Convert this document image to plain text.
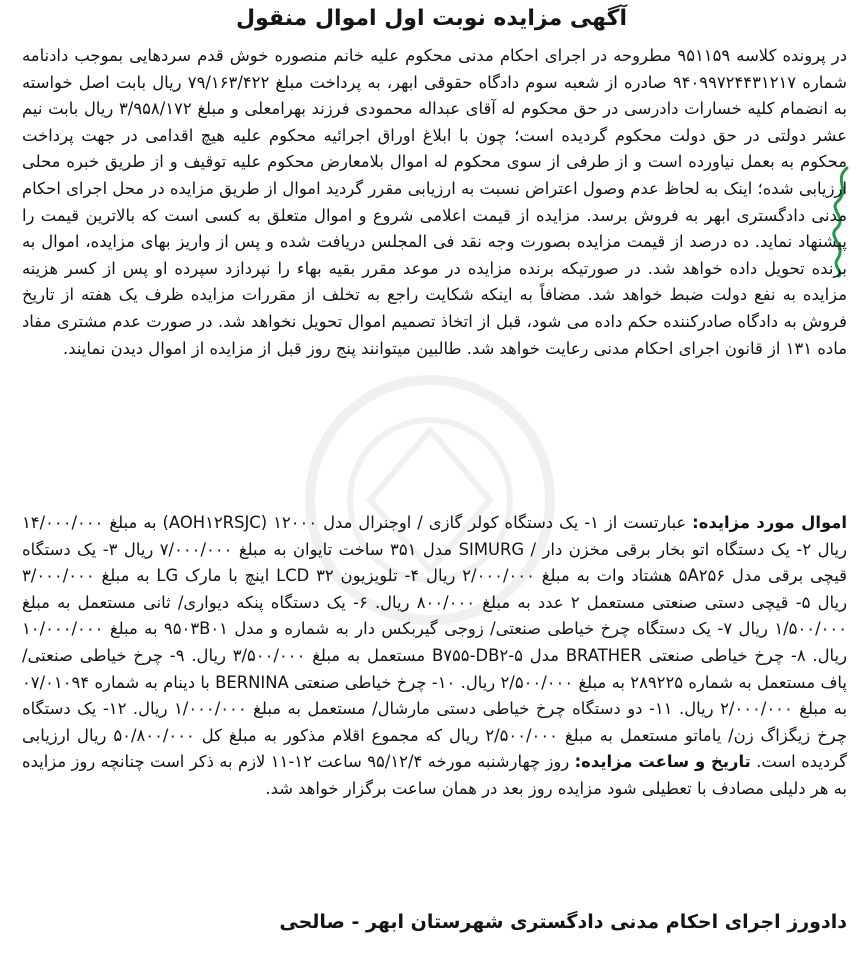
آگهی مزایده نوبت اول اموال منقول
در پرونده کلاسه ۹۵۱۱۵۹ مطروحه در اجرای احکام مدنی محکوم علیه خانم منصوره خوش قدم سردهایی بموجب دادنامه شماره ۹۴۰۹۹۷۲۴۴۳۱۲۱۷ صادره از شعبه سوم دادگاه حقوقی ابهر، به پرداخت مبلغ ۷۹/۱۶۳/۴۲۲ ریال بابت اصل خواسته به انضمام کلیه خسارات دادرسی در حق محکوم له آقای عبداله محمودی فرزند بهرامعلی و مبلغ ۳/۹۵۸/۱۷۲ ریال بابت نیم عشر دولتی در حق دولت محکوم گردیده است؛ چون با ابلاغ اوراق اجرائیه محکوم علیه هیچ اقدامی در جهت پرداخت محکوم به بعمل نیاورده است و از طرفی از سوی محکوم له اموال بلامعارض محکوم علیه توقیف و از طریق خبره محلی ارزیابی شده؛ اینک به لحاظ عدم وصول اعتراض نسبت به ارزیابی مقرر گردید اموال از طریق مزایده در محل اجرای احکام مدنی دادگستری ابهر به فروش برسد. مزایده از قیمت اعلامی شروع و اموال متعلق به کسی است که بالاترین قیمت را پیشنهاد نماید. ده درصد از قیمت مزایده بصورت وجه نقد فی المجلس دریافت شده و پس از واریز بهای مزایده، اموال به برنده تحویل داده خواهد شد. در صورتیکه برنده مزایده در موعد مقرر بقیه بهاء را نپردازد سپرده او پس از کسر هزینه مزایده به نفع دولت ضبط خواهد شد. مضافاً به اینکه شکایت راجع به تخلف از مقررات مزایده ظرف یک هفته از تاریخ فروش به دادگاه صادرکننده حکم داده می شود، قبل از اتخاذ تصمیم اموال تحویل نخواهد شد. در صورت عدم مشتری مفاد ماده ۱۳۱ از قانون اجرای احکام مدنی رعایت خواهد شد. طالبین میتوانند پنج روز قبل از مزایده از اموال دیدن نمایند.
اموال مورد مزایده: عبارتست از ۱- یک دستگاه کولر گازی / اوجنرال مدل ۱۲۰۰۰ (AOH۱۲RSJC) به مبلغ ۱۴/۰۰۰/۰۰۰ ریال ۲- یک دستگاه اتو بخار برقی مخزن دار / SIMURG مدل ۳۵۱ ساخت تایوان به مبلغ ۷/۰۰۰/۰۰۰ ریال ۳- یک دستگاه قیچی برقی مدل ۵A۲۵۶ هشتاد وات به مبلغ ۲/۰۰۰/۰۰۰ ریال ۴- تلویزیون LCD ۳۲ اینچ با مارک LG به مبلغ ۳/۰۰۰/۰۰۰ ریال ۵- قیچی دستی صنعتی مستعمل ۲ عدد به مبلغ ۸۰۰/۰۰۰ ریال. ۶- یک دستگاه پنکه دیواری/ ثانی مستعمل به مبلغ ۱/۵۰۰/۰۰۰ ریال ۷- یک دستگاه چرخ خیاطی صنعتی/ زوجی گیربکس دار به شماره و مدل ۹۵۰۳B۰۱ به مبلغ ۱۰/۰۰۰/۰۰۰ ریال. ۸- چرخ خیاطی صنعتی BRATHER مدل B۷۵۵-DB۲-۵ مستعمل به مبلغ ۳/۵۰۰/۰۰۰ ریال. ۹- چرخ خیاطی صنعتی/ پاف مستعمل به شماره ۲۸۹۲۲۵ به مبلغ ۲/۵۰۰/۰۰۰ ریال. ۱۰- چرخ خیاطی صنعتی BERNINA با دینام به شماره ۰۷/۰۱۰۹۴ به مبلغ ۲/۰۰۰/۰۰۰ ریال. ۱۱- دو دستگاه چرخ خیاطی دستی مارشال/ مستعمل به مبلغ ۱/۰۰۰/۰۰۰ ریال. ۱۲- یک دستگاه چرخ زیگزاگ زن/ یاماتو مستعمل به مبلغ ۲/۵۰۰/۰۰۰ ریال که مجموع اقلام مذکور به مبلغ کل ۵۰/۸۰۰/۰۰۰ ریال ارزیابی گردیده است. تاریخ و ساعت مزایده: روز چهارشنبه مورخه ۹۵/۱۲/۴ ساعت ۱۲-۱۱ لازم به ذکر است چنانچه روز مزایده به هر دلیلی مصادف با تعطیلی شود مزایده روز بعد در همان ساعت برگزار خواهد شد.
دادورز اجرای احکام مدنی دادگستری شهرستان ابهر - صالحی
